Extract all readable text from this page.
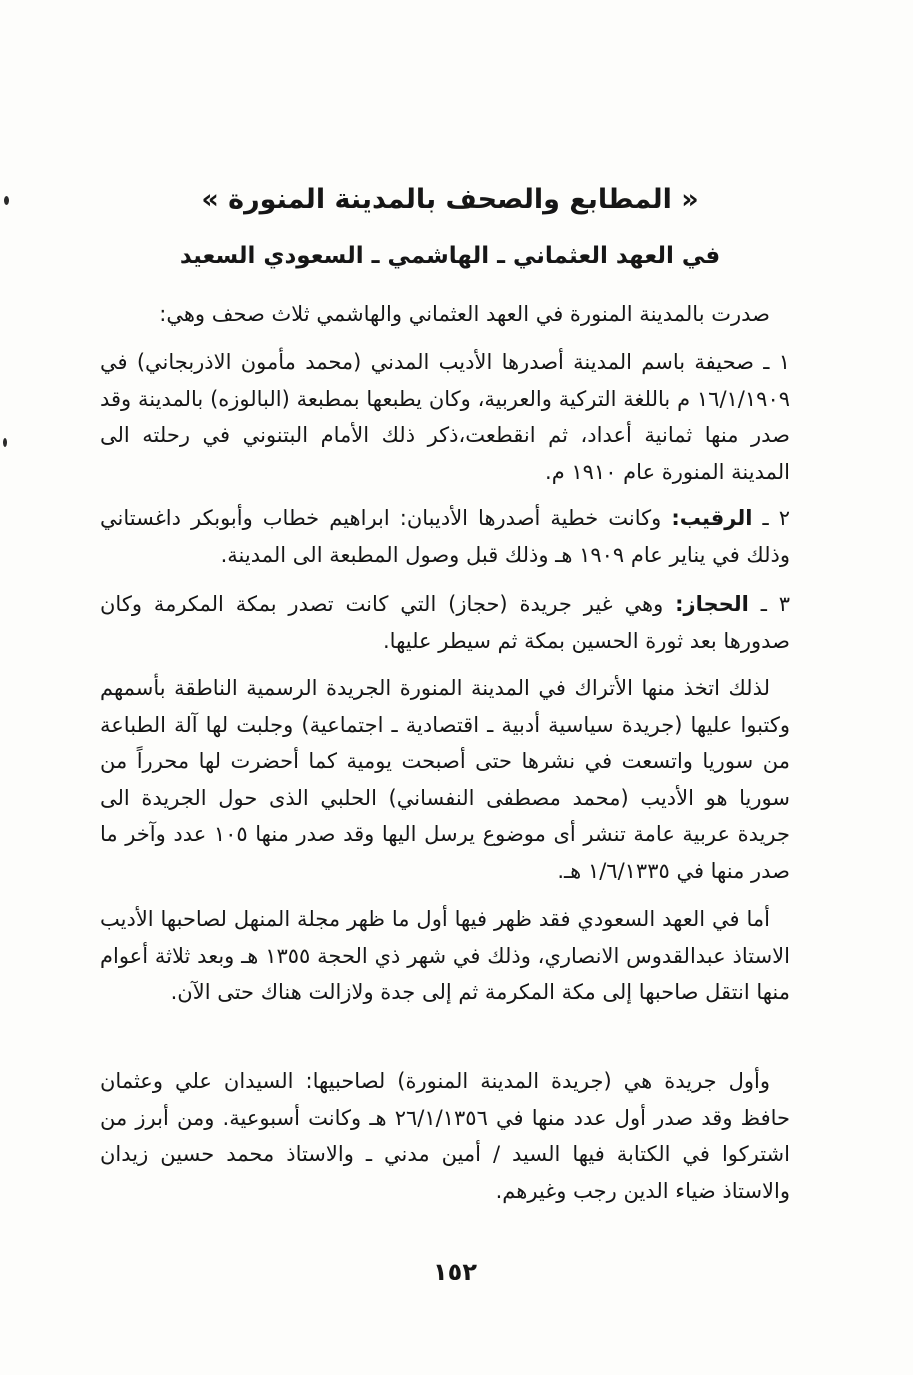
« المطابع والصحف بالمدينة المنورة »
في العهد العثماني ـ الهاشمي ـ السعودي السعيد
صدرت بالمدينة المنورة في العهد العثماني والهاشمي ثلاث صحف وهي:
١ ـ صحيفة باسم المدينة أصدرها الأديب المدني (محمد مأمون الاذربجاني) في ١٦/١/١٩٠٩ م باللغة التركية والعربية، وكان يطبعها بمطبعة (البالوزه) بالمدينة وقد صدر منها ثمانية أعداد، ثم انقطعت،ذكر ذلك الأمام البتنوني في رحلته الى المدينة المنورة عام ١٩١٠ م.
٢ ـ الرقيب: وكانت خطية أصدرها الأديبان: ابراهيم خطاب وأبوبكر داغستاني وذلك في يناير عام ١٩٠٩ هـ وذلك قبل وصول المطبعة الى المدينة.
٣ ـ الحجاز: وهي غير جريدة (حجاز) التي كانت تصدر بمكة المكرمة وكان صدورها بعد ثورة الحسين بمكة ثم سيطر عليها.
لذلك اتخذ منها الأتراك في المدينة المنورة الجريدة الرسمية الناطقة بأسمهم وكتبوا عليها (جريدة سياسية أدبية ـ اقتصادية ـ اجتماعية) وجلبت لها آلة الطباعة من سوريا واتسعت في نشرها حتى أصبحت يومية كما أحضرت لها محرراً من سوريا هو الأديب (محمد مصطفى النفساني) الحلبي الذى حول الجريدة الى جريدة عربية عامة تنشر أى موضوع يرسل اليها وقد صدر منها ١٠٥ عدد وآخر ما صدر منها في ١/٦/١٣٣٥ هـ.
أما في العهد السعودي فقد ظهر فيها أول ما ظهر مجلة المنهل لصاحبها الأديب الاستاذ عبدالقدوس الانصاري، وذلك في شهر ذي الحجة ١٣٥٥ هـ وبعد ثلاثة أعوام منها انتقل صاحبها إلى مكة المكرمة ثم إلى جدة ولازالت هناك حتى الآن.
وأول جريدة هي (جريدة المدينة المنورة) لصاحبيها: السيدان علي وعثمان حافظ وقد صدر أول عدد منها في ٢٦/١/١٣٥٦ هـ وكانت أسبوعية. ومن أبرز من اشتركوا في الكتابة فيها السيد / أمين مدني ـ والاستاذ محمد حسين زيدان والاستاذ ضياء الدين رجب وغيرهم.
١٥٢
